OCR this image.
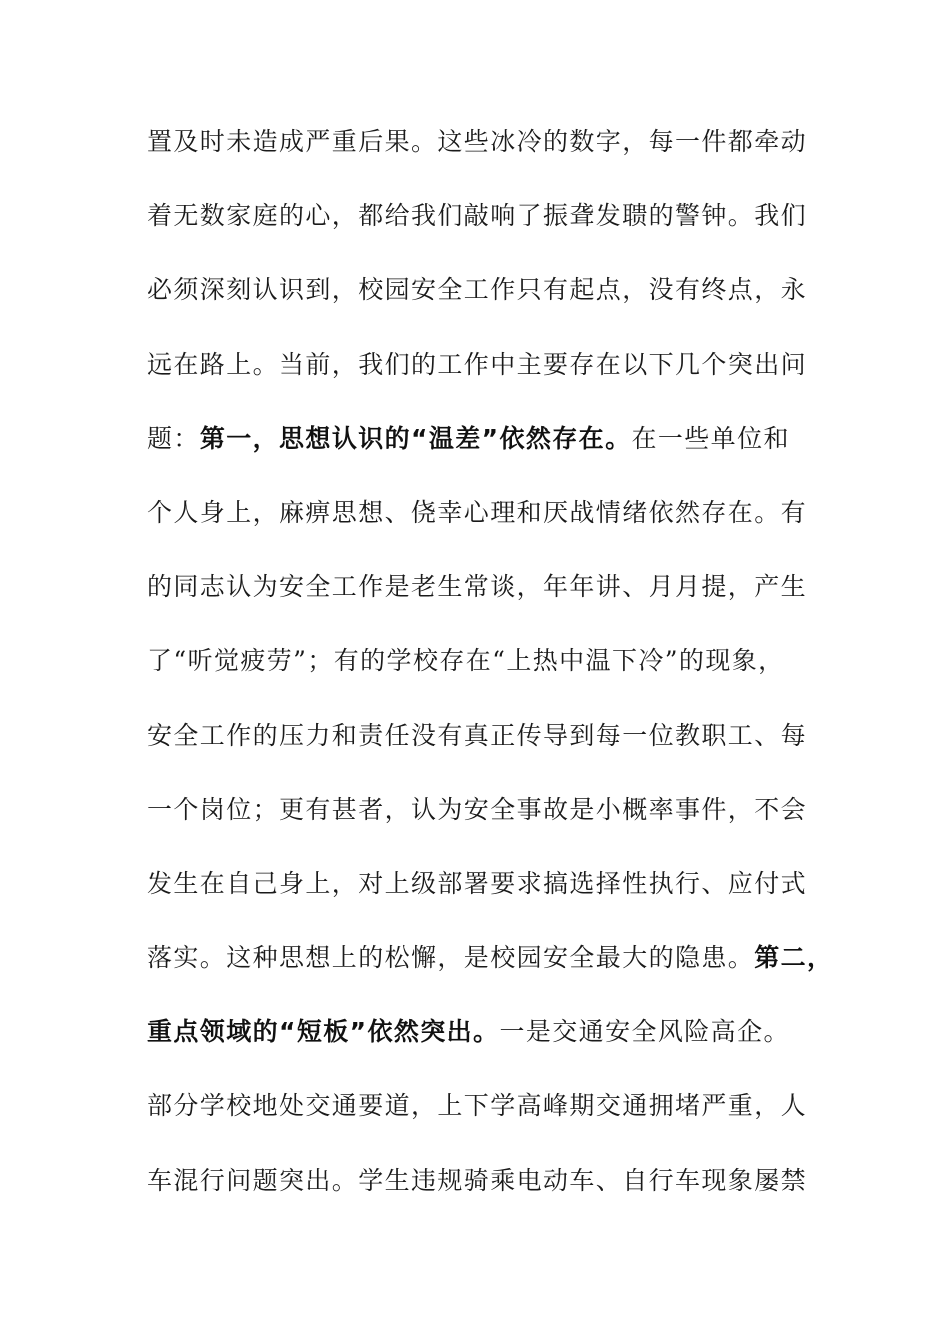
置及时未造成严重后果。这些冰冷的数字，每一件都牵动
着无数家庭的心，都给我们敲响了振聋发聩的警钟。我们
必须深刻认识到，校园安全工作只有起点，没有终点，永
远在路上。当前，我们的工作中主要存在以下几个突出问
题：第一，思想认识的“温差”依然存在。在一些单位和
个人身上，麻痹思想、侥幸心理和厌战情绪依然存在。有
的同志认为安全工作是老生常谈，年年讲、月月提，产生
了“听觉疲劳”；有的学校存在“上热中温下冷”的现象，
安全工作的压力和责任没有真正传导到每一位教职工、每
一个岗位；更有甚者，认为安全事故是小概率事件，不会
发生在自己身上，对上级部署要求搞选择性执行、应付式
落实。这种思想上的松懈，是校园安全最大的隐患。第二，
重点领域的“短板”依然突出。一是交通安全风险高企。
部分学校地处交通要道，上下学高峰期交通拥堵严重，人
车混行问题突出。学生违规骑乘电动车、自行车现象屡禁
